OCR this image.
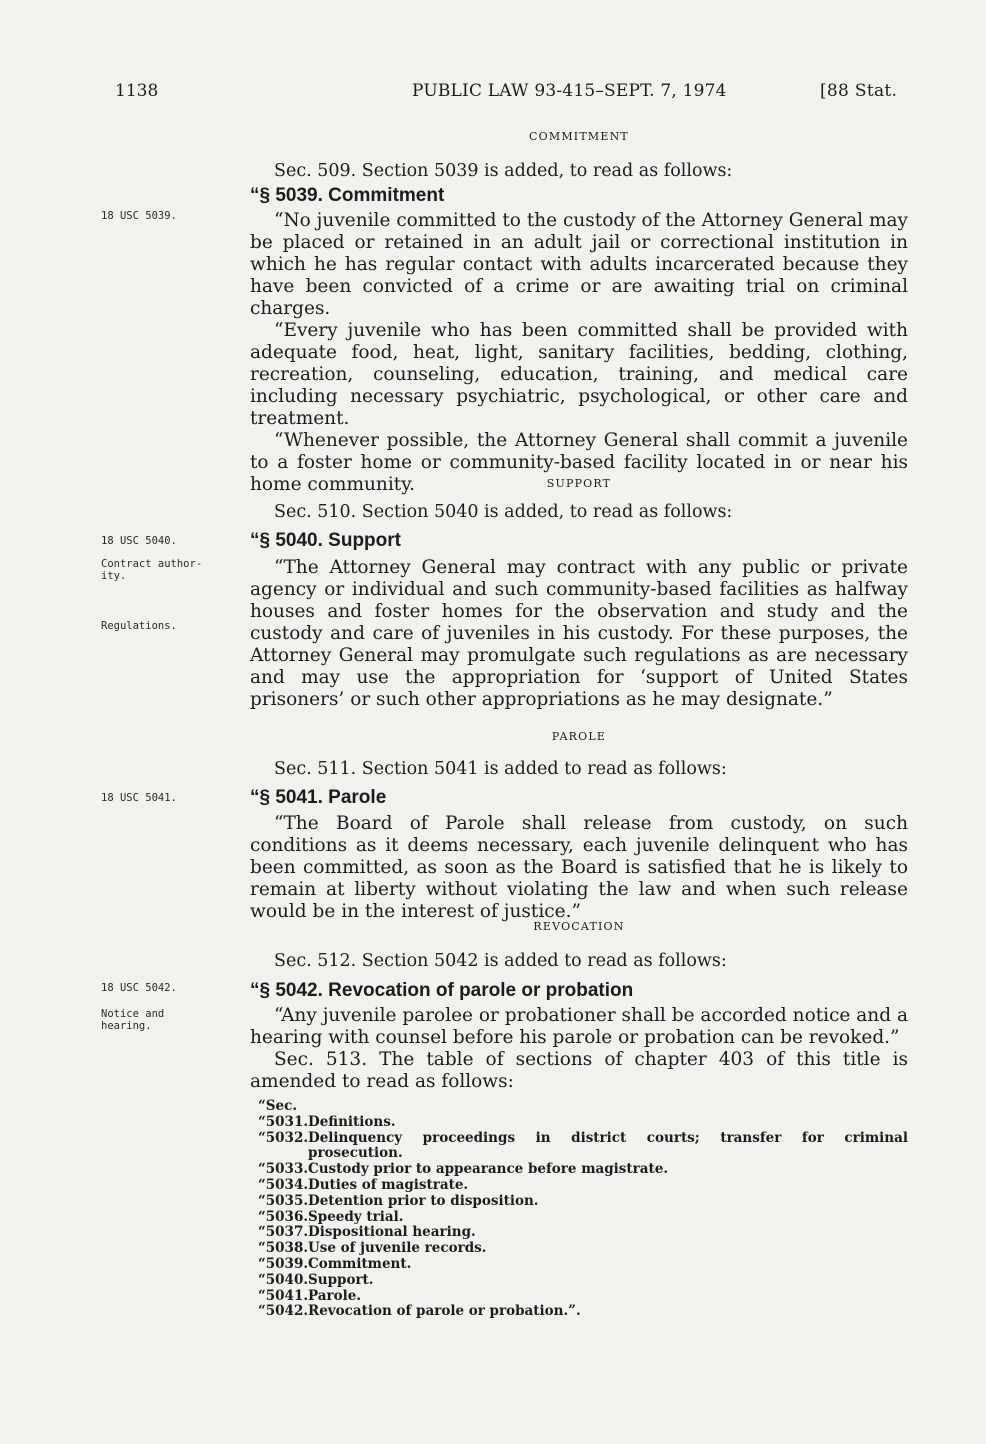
1138	PUBLIC LAW 93-415–SEPT. 7, 1974	[88 Stat.
18 USC 5039.
18 USC 5040.
Contract author-
ity.
Regulations.
18 USC 5041.
18 USC 5042.
Notice and
hearing.
COMMITMENT
Sec. 509. Section 5039 is added, to read as follows:
“§ 5039. Commitment

“No juvenile committed to the custody of the Attorney General may be placed or retained in an adult jail or correctional institution in which he has regular contact with adults incarcerated because they have been convicted of a crime or are awaiting trial on criminal charges.

“Every juvenile who has been committed shall be provided with adequate food, heat, light, sanitary facilities, bedding, clothing, recreation, counseling, education, training, and medical care including necessary psychiatric, psychological, or other care and treatment.

“Whenever possible, the Attorney General shall commit a juvenile to a foster home or community-based facility located in or near his home community.	SUPPORT
Sec. 510. Section 5040 is added, to read as follows:
“§ 5040. Support

“The Attorney General may contract with any public or private agency or individual and such community-based facilities as halfway houses and foster homes for the observation and study and the custody and care of juveniles in his custody. For these purposes, the Attorney General may promulgate such regulations as are necessary and may use the appropriation for ‘support of United States prisoners’ or such other appropriations as he may designate.”

PAROLE
Sec. 511. Section 5041 is added to read as follows:
“§ 5041. Parole

“The Board of Parole shall release from custody, on such conditions as it deems necessary, each juvenile delinquent who has been committed, as soon as the Board is satisfied that he is likely to remain at liberty without violating the law and when such release would be in the interest of justice.”

REVOCATION
Sec. 512. Section 5042 is added to read as follows:
“§ 5042. Revocation of parole or probation

“Any juvenile parolee or probationer shall be accorded notice and a hearing with counsel before his parole or probation can be revoked.”

Sec. 513. The table of sections of chapter 403 of this title is amended to read as follows:

“Sec.
“5031. Definitions.
“5032. Delinquency proceedings in district courts; transfer for criminal
prosecution.
“5033. Custody prior to appearance before magistrate.
“5034. Duties of magistrate.
“5035. Detention prior to disposition.
“5036. Speedy trial.
“5037. Dispositional hearing.
“5038. Use of juvenile records.
“5039. Commitment.
“5040. Support.
“5041. Parole.
“5042. Revocation of parole or probation.”.
